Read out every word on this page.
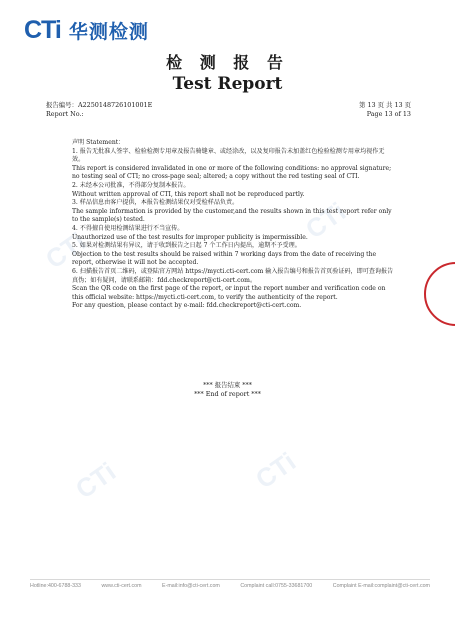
CTi
CTi	CTi
CTi
CTi 华测检测
检 测 报 告
Test Report
报告编号：A2250148726101001E
Report No.:
第 13 页 共 13 页
Page 13 of 13

声明 Statement：

1. 报告无批准人签字、检验检测专用章及报告骑缝章、或经涂改，以及复印报告未加盖红色检验检测专用章均视作无效。

This report is considered invalidated in one or more of the following conditions: no approval signature; no testing seal of CTI; no cross-page seal; altered; a copy without the red testing seal of CTI.

2. 未经本公司批准，不得部分复制本报告。

Without written approval of CTI, this report shall not be reproduced partly.

3. 样品信息由客户提供，本报告检测结果仅对受检样品负责。

The sample information is provided by the customer,and the results shown in this test report refer only to the sample(s) tested.

4. 不得擅自使用检测结果进行不当宣传。

Unauthorized use of the test results for improper publicity is impermissible.

5. 如果对检测结果有异议，请于收到报告之日起 7 个工作日内提出，逾期不予受理。

Objection to the test results should be raised within 7 working days from the date of receiving the report, otherwise it will not be accepted.

6. 扫描报告首页二维码，或登陆官方网站 https://mycti.cti-cert.com 输入报告编号和报告首页验证码，即可查询报告真伪；如有疑问，请联系邮箱：fdd.checkreport@cti-cert.com。

Scan the QR code on the first page of the report, or input the report number and verification code on this official website: https://mycti.cti-cert.com, to verify the authenticity of the report.

For any question, please contact by e-mail: fdd.checkreport@cti-cert.com.

*** 报告结束 ***
*** End of report ***
Hotline:400-6788-333	www.cti-cert.com	E-mail:info@cti-cert.com	Complaint call:0755-33681700	Complaint E-mail:complaint@cti-cert.com
